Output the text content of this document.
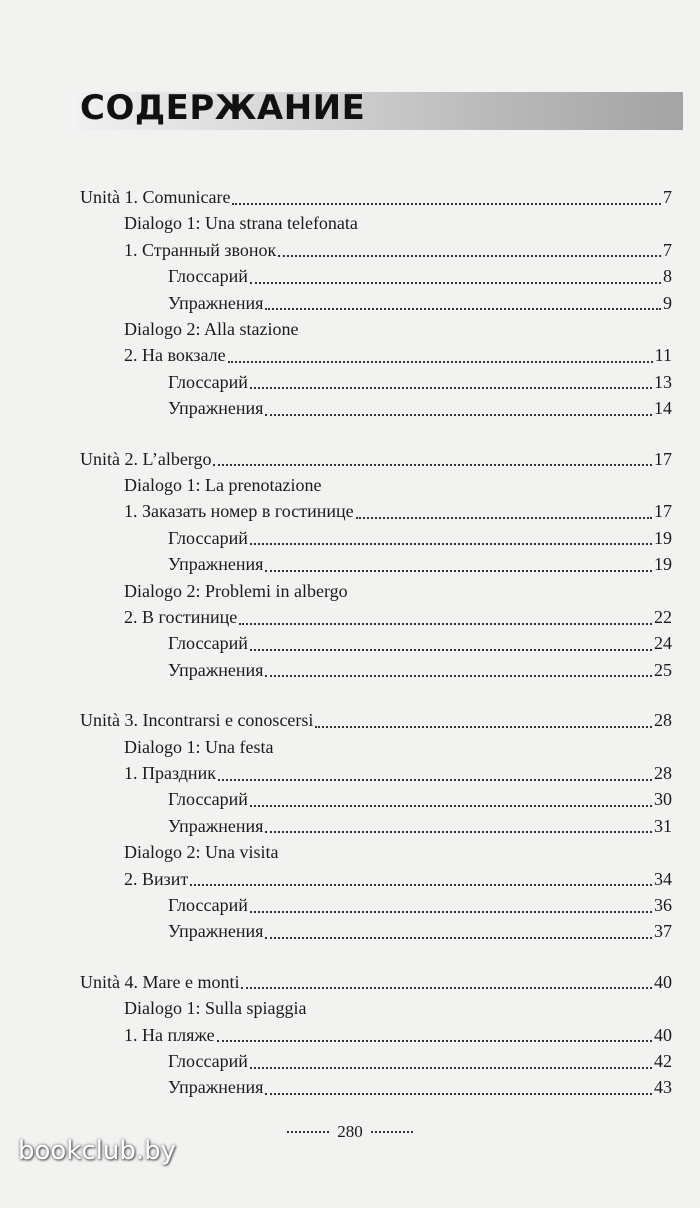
СОДЕРЖАНИЕ
Unità 1. Comunicare	7
Dialogo 1: Una strana telefonata
1. Странный звонок	7
Глоссарий	8
Упражнения	9
Dialogo 2: Alla stazione
2. На вокзале	11
Глоссарий	13
Упражнения	14
Unità 2. L’albergo	17
Dialogo 1: La prenotazione
1. Заказать номер в гостинице	17
Глоссарий	19
Упражнения	19
Dialogo 2: Problemi in albergo
2. В гостинице	22
Глоссарий	24
Упражнения	25
Unità 3. Incontrarsi e conoscersi	28
Dialogo 1: Una festa
1. Праздник	28
Глоссарий	30
Упражнения	31
Dialogo 2: Una visita
2. Визит	34
Глоссарий	36
Упражнения	37
Unità 4. Mare e monti	40
Dialogo 1: Sulla spiaggia
1. На пляже	40
Глоссарий	42
Упражнения	43
280
bookclub.by
